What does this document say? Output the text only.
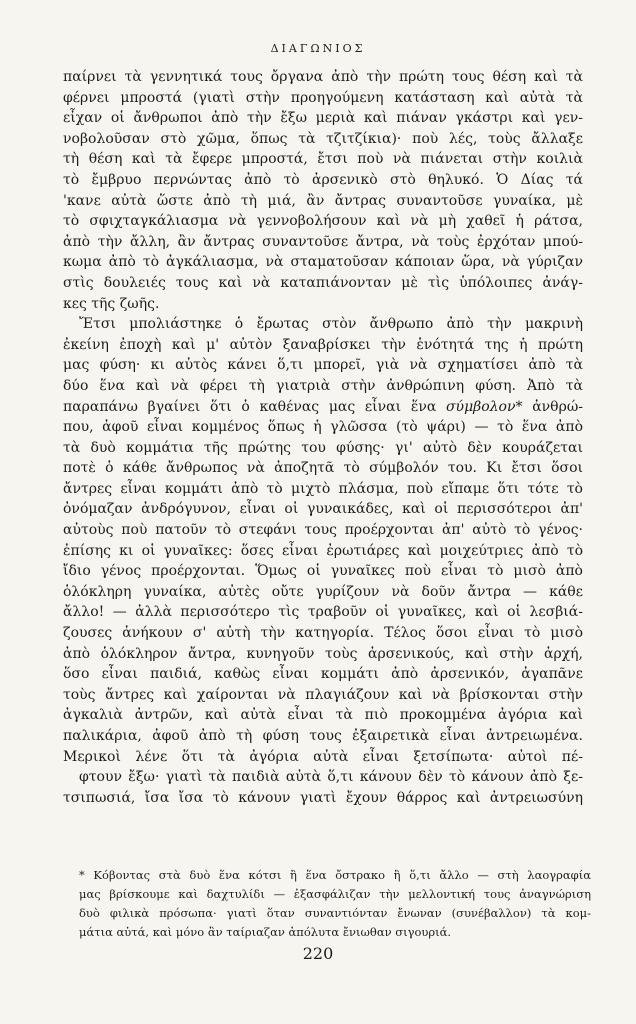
ΔΙΑΓΩΝΙΟΣ
παίρνει τὰ γεννητικά τους ὄργανα ἀπὸ τὴν πρώτη τους θέση καὶ τὰ
φέρνει μπροστά (γιατὶ στὴν προηγούμενη κατάσταση καὶ αὐτὰ τὰ
εἶχαν οἱ ἄνθρωποι ἀπὸ τὴν ἔξω μεριὰ καὶ πιάναν γκάστρι καὶ γεν-
νοβολοῦσαν στὸ χῶμα, ὅπως τὰ τζιτζίκια)· ποὺ λές, τοὺς ἄλλαξε
τὴ θέση καὶ τὰ ἔφερε μπροστά, ἔτσι ποὺ νὰ πιάνεται στὴν κοιλιὰ
τὸ ἔμβρυο περνώντας ἀπὸ τὸ ἀρσενικὸ στὸ θηλυκό. Ὁ Δίας τά
'κανε αὐτὰ ὥστε ἀπὸ τὴ μιά, ἂν ἄντρας συναντοῦσε γυναίκα, μὲ
τὸ σφιχταγκάλιασμα νὰ γεννοβολήσουν καὶ νὰ μὴ χαθεῖ ἡ ράτσα,
ἀπὸ τὴν ἄλλη, ἂν ἄντρας συναντοῦσε ἄντρα, νὰ τοὺς ἐρχόταν μπού-
κωμα ἀπὸ τὸ ἀγκάλιασμα, νὰ σταματοῦσαν κάποιαν ὥρα, νὰ γύριζαν
στὶς δουλειές τους καὶ νὰ καταπιάνονταν μὲ τὶς ὑπόλοιπες ἀνάγ-
κες τῆς ζωῆς.
Ἔτσι μπολιάστηκε ὁ ἔρωτας στὸν ἄνθρωπο ἀπὸ τὴν μακρινὴ
ἐκείνη ἐποχὴ καὶ μ' αὐτὸν ξαναβρίσκει τὴν ἑνότητά της ἡ πρώτη
μας φύση· κι αὐτὸς κάνει ὅ,τι μπορεῖ, γιὰ νὰ σχηματίσει ἀπὸ τὰ
δύο ἕνα καὶ νὰ φέρει τὴ γιατριὰ στὴν ἀνθρώπινη φύση. Ἀπὸ τὰ
παραπάνω βγαίνει ὅτι ὁ καθένας μας εἶναι ἕνα σύμβολον* ἀνθρώ-
που, ἀφοῦ εἶναι κομμένος ὅπως ἡ γλῶσσα (τὸ ψάρι) — τὸ ἕνα ἀπὸ
τὰ δυὸ κομμάτια τῆς πρώτης του φύσης· γι' αὐτὸ δὲν κουράζεται
ποτὲ ὁ κάθε ἄνθρωπος νὰ ἀποζητᾶ τὸ σύμβολόν του. Κι ἔτσι ὅσοι
ἄντρες εἶναι κομμάτι ἀπὸ τὸ μιχτὸ πλάσμα, ποὺ εἴπαμε ὅτι τότε τὸ
ὀνόμαζαν ἀνδρόγυνον, εἶναι οἱ γυναικάδες, καὶ οἱ περισσότεροι ἀπ'
αὐτοὺς ποὺ πατοῦν τὸ στεφάνι τους προέρχονται ἀπ' αὐτὸ τὸ γένος·
ἐπίσης κι οἱ γυναῖκες: ὅσες εἶναι ἐρωτιάρες καὶ μοιχεύτριες ἀπὸ τὸ
ἴδιο γένος προέρχονται. Ὅμως οἱ γυναῖκες ποὺ εἶναι τὸ μισὸ ἀπὸ
ὁλόκληρη γυναίκα, αὐτὲς οὔτε γυρίζουν νὰ δοῦν ἄντρα — κάθε
ἄλλο! — ἀλλὰ περισσότερο τὶς τραβοῦν οἱ γυναῖκες, καὶ οἱ λεσβιά-
ζουσες ἀνήκουν σ' αὐτὴ τὴν κατηγορία. Τέλος ὅσοι εἶναι τὸ μισὸ
ἀπὸ ὁλόκληρον ἄντρα, κυνηγοῦν τοὺς ἀρσενικούς, καὶ στὴν ἀρχή,
ὅσο εἶναι παιδιά, καθὼς εἶναι κομμάτι ἀπὸ ἀρσενικόν, ἀγαπᾶνε
τοὺς ἄντρες καὶ χαίρονται νὰ πλαγιάζουν καὶ νὰ βρίσκονται στὴν
ἀγκαλιὰ ἀντρῶν, καὶ αὐτὰ εἶναι τὰ πιὸ προκομμένα ἀγόρια καὶ
παλικάρια, ἀφοῦ ἀπὸ τὴ φύση τους ἐξαιρετικὰ εἶναι ἀντρειωμένα.
Μερικοὶ λένε ὅτι τὰ ἀγόρια αὐτὰ εἶναι ξετσίπωτα· αὐτοὶ πέ-
φτουν ἔξω· γιατὶ τὰ παιδιὰ αὐτὰ ὅ,τι κάνουν δὲν τὸ κάνουν ἀπὸ ξε-
τσιπωσιά, ἴσα ἴσα τὸ κάνουν γιατὶ ἔχουν θάρρος καὶ ἀντρειωσύνη
* Κόβοντας στὰ δυὸ ἕνα κότσι ἢ ἕνα ὄστρακο ἢ ὅ,τι ἄλλο — στὴ λαογραφία
μας βρίσκουμε καὶ δαχτυλίδι — ἐξασφάλιζαν τὴν μελλοντική τους ἀναγνώριση
δυὸ φιλικὰ πρόσωπα· γιατὶ ὅταν συναντιόνταν ἔνωναν (συνέβαλλον) τὰ κομ-
μάτια αὐτά, καὶ μόνο ἂν ταίριαζαν ἀπόλυτα ἔνιωθαν σιγουριά.
220
